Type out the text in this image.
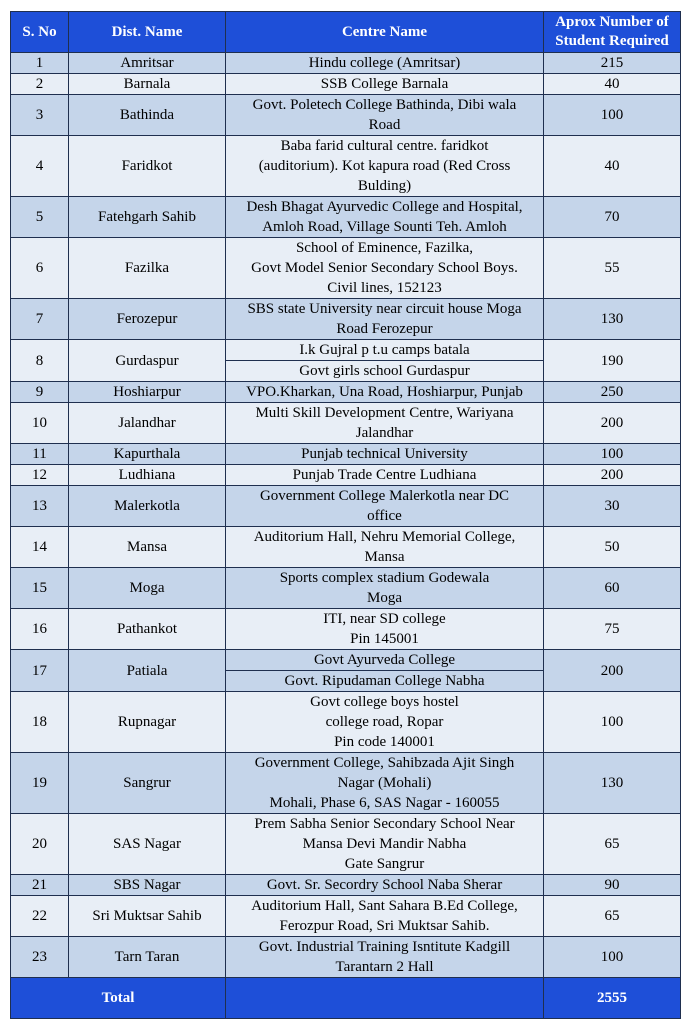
S. No	Dist. Name	Centre Name	Aprox Number of
Student Required

1	Amritsar	Hindu college (Amritsar)	215
2	Barnala	SSB College Barnala	40
3	Bathinda	Govt. Poletech College Bathinda, Dibi wala
Road	100
4	Faridkot	Baba farid cultural centre. faridkot
(auditorium). Kot kapura road (Red Cross
Bulding)	40
5	Fatehgarh Sahib	Desh Bhagat Ayurvedic College and Hospital,
Amloh Road, Village Sounti Teh. Amloh	70
6	Fazilka	School of Eminence, Fazilka,
Govt Model Senior Secondary School Boys.
Civil lines, 152123	55
7	Ferozepur	SBS state University near circuit house Moga
Road Ferozepur	130
8	Gurdaspur	I.k Gujral p t.u camps batala	190

		Govt girls school Gurdaspur	

9	Hoshiarpur	VPO.Kharkan, Una Road, Hoshiarpur, Punjab	250
10	Jalandhar	Multi Skill Development Centre, Wariyana
Jalandhar	200
11	Kapurthala	Punjab technical University	100
12	Ludhiana	Punjab Trade Centre Ludhiana	200
13	Malerkotla	Government College Malerkotla near DC
office	30
14	Mansa	Auditorium Hall, Nehru Memorial College,
Mansa	50
15	Moga	Sports complex stadium Godewala
Moga	60
16	Pathankot	ITI, near SD college
Pin 145001	75
17	Patiala	Govt Ayurveda College	200

		Govt. Ripudaman College Nabha	

18	Rupnagar	Govt college boys hostel
college road, Ropar
Pin code 140001	100
19	Sangrur	Government College, Sahibzada Ajit Singh
Nagar (Mohali)
Mohali, Phase 6, SAS Nagar - 160055	130
20	SAS Nagar	Prem Sabha Senior Secondary School Near
Mansa Devi Mandir Nabha
Gate Sangrur	65
21	SBS Nagar	Govt. Sr. Secordry School Naba Sherar	90
22	Sri Muktsar Sahib	Auditorium Hall, Sant Sahara B.Ed College,
Ferozpur Road, Sri Muktsar Sahib.	65
23	Tarn Taran	Govt. Industrial Training Isntitute Kadgill
Tarantarn 2 Hall	100
Total			2555
